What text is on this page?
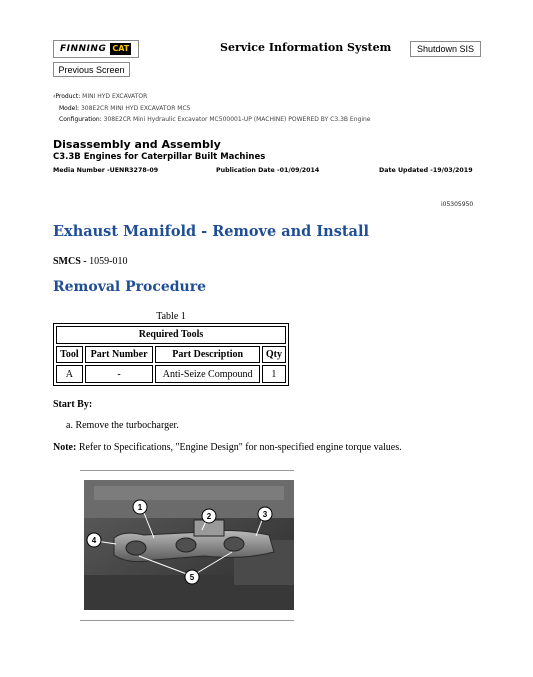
FINNING CAT	Service Information System	Shutdown SIS
Previous Screen
‹Product: MINI HYD EXCAVATOR
Model: 308E2CR MINI HYD EXCAVATOR MC5
Configuration: 308E2CR Mini Hydraulic Excavator MC500001-UP (MACHINE) POWERED BY C3.3B Engine
Disassembly and Assembly
C3.3B Engines for Caterpillar Built Machines
Media Number -UENR3278-09	Publication Date -01/09/2014	Date Updated -19/03/2019
i05305950
Exhaust Manifold - Remove and Install
SMCS - 1059-010
Removal Procedure
Table 1
Required Tools			
Tool	Part Number	Part Description	Qty
A	-	Anti-Seize Compound	1
Start By:
a. Remove the turbocharger.
Note: Refer to Specifications, "Engine Design" for non-specified engine torque values.
1
2	3
4
5
